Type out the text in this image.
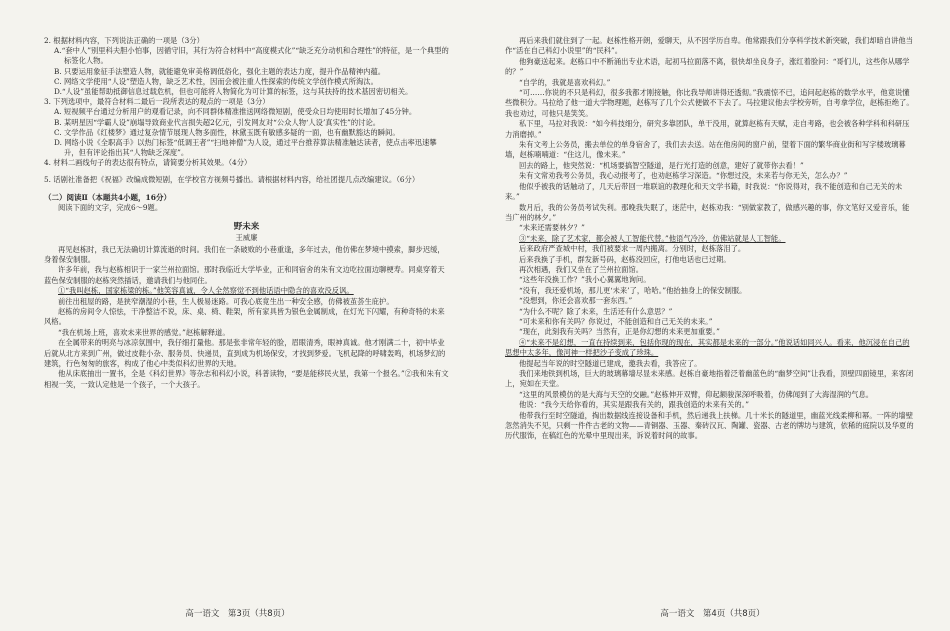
2. 根据材料内容，下列说法正确的一项是（3分）

A.“套中人”别里科夫胆小怕事，因循守旧，其行为符合材料中“高度模式化”“缺乏充分动机和合理性”的特征，是一个典型的标签化人物。

B. 只要运用象征手法塑造人物，就能避免审美格调低俗化，强化主题的表达力度，提升作品精神内蕴。

C. 网络文学使用“人设”塑造人物，缺乏艺术性，因而会被注重人性探索的传统文学创作模式所淘汰。

D.“人设”虽能帮助抵御信息过载危机，但也可能将人物简化为可计算的标签，这与其扶持的技术基因密切相关。

3. 下列选项中，最符合材料二最后一段所表达的观点的一项是（3分）

A. 短视频平台通过分析用户的观看记录，向不同群体精准推送网络微短剧，使受众日均使用时长增加了45分钟。

B. 某明星因“学霸人设”崩塌导致商业代言损失超2亿元，引发网友对“公众人物‘人设’真实性”的讨论。

C. 文学作品《红楼梦》通过复杂情节展现人物多面性，林黛玉既有敏感多疑的一面，也有幽默豁达的瞬间。

D. 网络小说《全职高手》以热门标签“低调王者”“扫地神僧”为人设，通过平台推荐算法精准触达读者，使点击率迅速攀升，但有评论指出其“人物缺乏深度”。

4. 材料二画线句子的表达很有特点，请简要分析其效果。（4分）

5. 话剧社准备把《祝福》改编成微短剧，在学校官方视频号播出。请根据材料内容，给社团提几点改编建议。（6分）

（二）阅读Ⅱ（本题共4小题，16分）

阅读下面的文字，完成6～9题。

野未来
王威廉

再见赵栋时，我已无法确切计算流逝的时间。我们在一条破败的小巷重逢，多年过去，他仿佛在梦境中摸索，脚步迟缓，身着保安制服。

许多年前，我与赵栋相识于一家兰州拉面馆。那时我临近大学毕业，正和同宿舍的朱有文边吃拉面边聊梗寿。同桌穿着天蓝色保安制服的赵栋突然插话，邀请我们与他同住。

①“我叫赵栋，国家栋梁的栋。”他笑容真诚，令人全然察觉不到他话语中隐含的喜欢没反讽。

前往出租屋的路，是狭窄潮湿的小巷，生人极易迷路。可我心底竟生出一种安全感，仿佛被茧荟生庇护。

赵栋的房间令人惊怯，干净整洁不说，床、桌、椅、鞋架，所有家具皆为银色金属制成，在灯光下闪耀，有种奇特的未来风格。

“我在机场上班，喜欢未来世界的感觉。”赵栋解释道。

在全属带来的明亮与冰凉氛围中，我仔细打量他。那是张非常年轻的脸，眉眼清秀，眼神真诚。他才刚满二十，初中毕业后就从北方来到广州，做过皮鞋小杂、服务员、快递员，直到成为机场保安，才找到梦爱。飞机起降的呼啸轰鸣，机场梦幻的建筑，行色匆匆的旅客，构成了他心中类似科幻世界的天地。

他从床底抽出一置书，全是《科幻世界》等杂志和科幻小说，科普读物，“要是能移民火星，我第一个报名。”②我和朱有文相视一笑，一致认定他是一个孩子，一个大孩子。

高一语文　第3页（共8页）

再后来我们就住到了一起。赵栋性格开朗，爱聊天，从不因学历自卑。他常跟我们分享科学技术新突破，我们却暗自讲他当作“活在自己科幻小说里”的“民科”。

他狗豪送起来。赵栋口中不断涌出专业术语，起初马拉面落不离，很快却坐良身子，涨红着脸问：“哥们儿，这些你从哪学的？”

“自学的，我就是喜欢科幻。”

“可……你说的不只是科幻，很多我都才刚接触，你比我导师讲得还透彻。”我震惊不已，追问起赵栋的数学水平，他竟说懂些微积分。马拉给了他一道大学物理题，赵栋写了几个公式便做不下去了。马拉建议他去学校旁听，自考拿学位，赵栋拒绝了。我也劝过，可他只是笑笑。

私下里，马拉对我说：“如今科技细分，研究多靠团队，单干没用，就算赵栋有天赋，走自考路，也会被各种学科和科研压力消磨掉。”

朱有文考上公务员，搬去单位的单身宿舍了，我们去去送。站在他房间的窗户前，望着下面的繁华商业街和写字楼玻璃幕墙，赵栋喃喃道：“住这儿，像未来。”

回去的路上，他突然说：“机场要搞智空隧道，是行光打造的创意，建好了就带你去看！”

朱有文常劝我考公务员，我心动报考了，也劝赵栋学习深造。“你想过没，未来若与你无关，怎么办？”

他似乎被我的话触动了，几天后带回一堆联谊的教理化和天文学书籍，时我说：“你说得对，我不能创造和自己无关的未来。”

数月后，我的公务员考试失利。那晚我失眠了，迷茫中，赵栋劝我：“别做家教了，做感兴趣的事，你文笔好又爱音乐，能当广州的林夕。”

“未来还需要林夕？”

③“未来，除了艺术家，都会被人工智能代替。”他语气冷冷，仿佛站就是人工智能。

后来政府严查城中村，我们被要求一周内搬离。分别时，赵栋落泪了。

后来我换了手机，群发新号码，赵栋没回应，打他电话也已过期。

再次相遇，我们又坐在了兰州拉面馆。

“这些年没换工作？”我小心翼翼地询问。

“没有，我还爱机场，那儿更‘未来’了，哈哈。”他抬抽身上的保安制服。

“没想到，你还会喜欢那一套东西。”

“为什么不呢？除了未来，生活还有什么意思？”

“可未来和你有关吗？你说过，不能创造和自己无关的未来。”

“现在，此刻我有关吗？当然有，正是你幻想的未来更加重要。”

④“未来不是幻想，一直在持续到来，包括你现的现在，其实都是未来的一部分。”他说话如同兴人。看来，他沉浸在自己的思想中太多年，像河神一样把沙子变成了珍珠。

他提起当年说的时空隧道已建成，邀我去看，我答应了。

我们来地铁到机场，巨大的玻璃幕墙尽显未来感。赵栋自豪地指着泛着幽蓝色的“幽梦空间”让我看，顶壁四面镜里，来客闭上，宛如在天堂。

“这里的风景模仿的是大海与天空的交融。”赵栋伸开双臂，仰起额骏深深呼吸着，仿佛闻到了大海湿润的气息。

他说：“我今天给你看的，其实是跟我有关的，跟我创造的未来有关的。”

他带我行至时空隧道，掏出数据线连接设备和手机，然后递我上扶梯。几十米长的隧道里，幽蓝光线柔柳和幂。一阵的墙壁忽然消失不见，只剩一件件古老的文物——青铜器、玉器、秦砖汉瓦、陶罐、瓷器、古老的牌坊与建筑，依稀的庭院以及华夏的历代服饰，在稿红色的光晕中里现出来，诉说着时间的故事。

高一语文　第4页（共8页）
